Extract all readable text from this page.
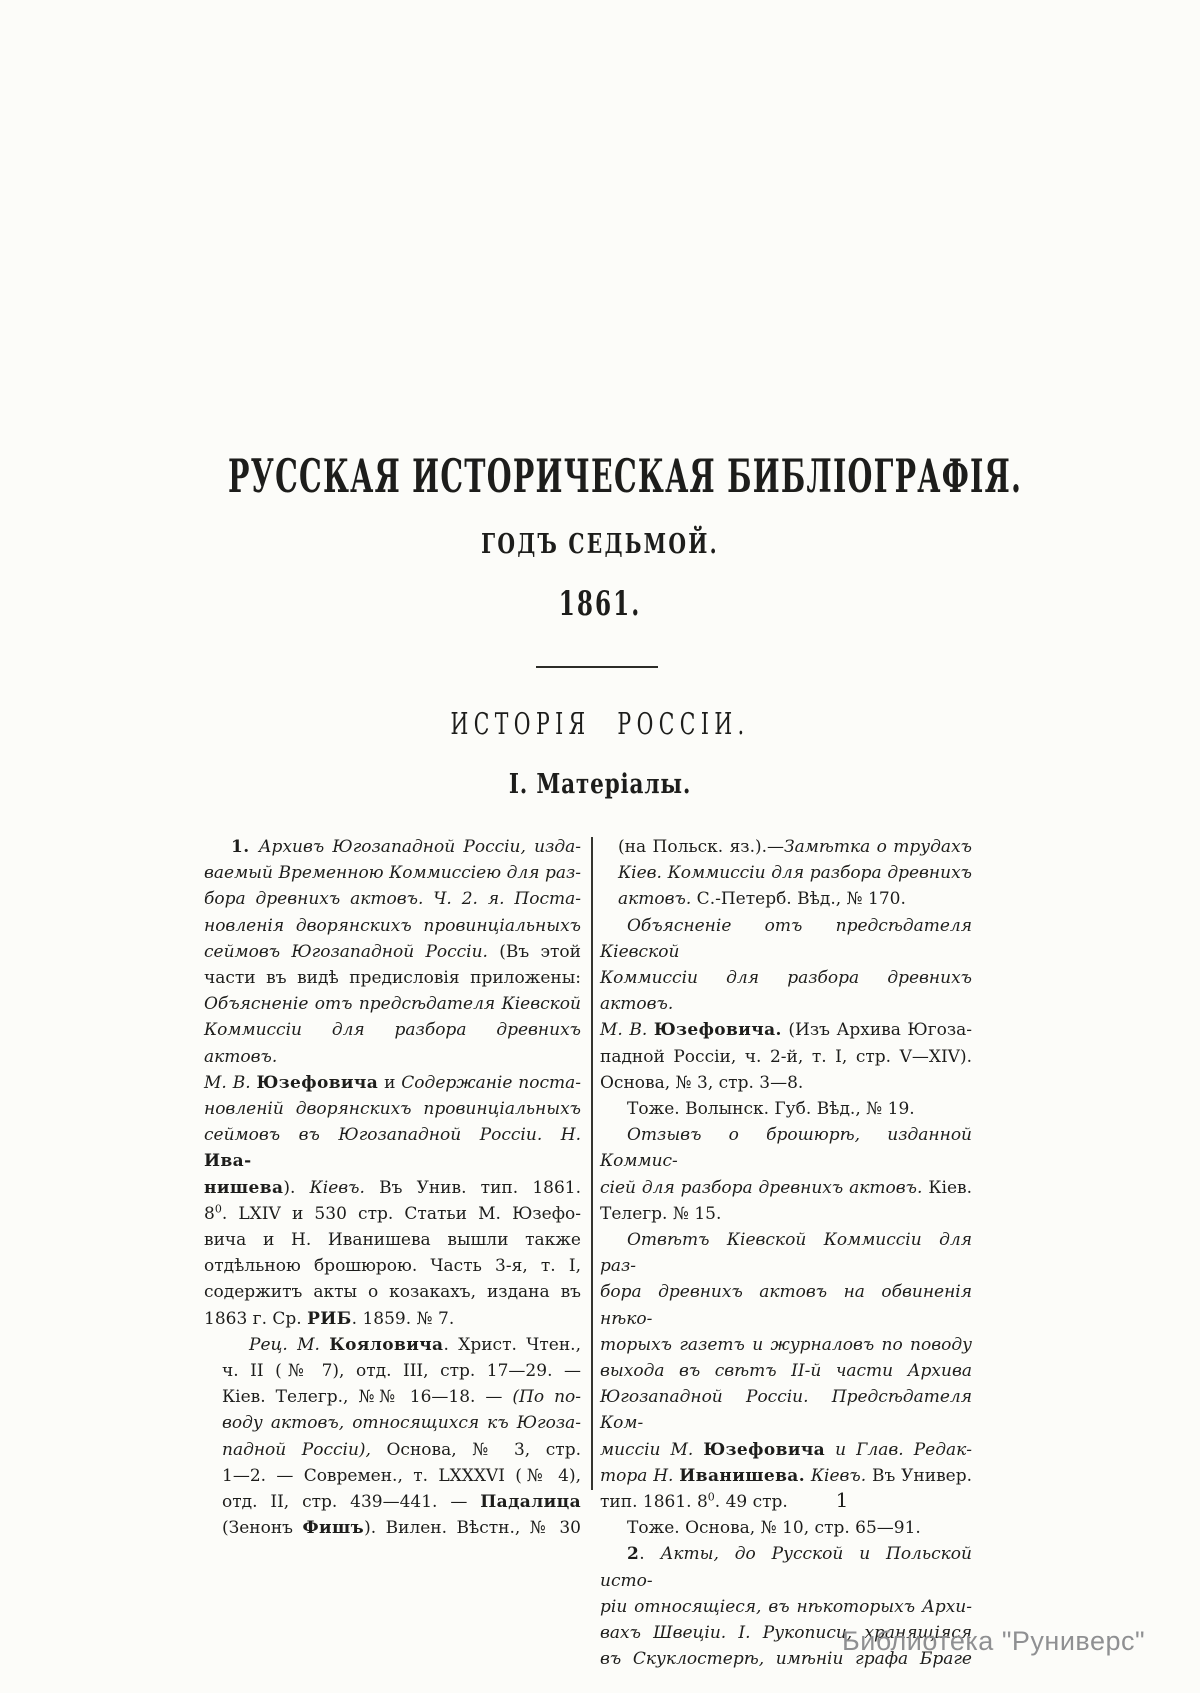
РУССКАЯ ИСТОРИЧЕСКАЯ БИБЛІОГРАФІЯ.
ГОДЪ СЕДЬМОЙ.
1861.
ИСТОРІЯ РОССІИ.
I. Матеріалы.
1. Архивъ Югозападной Россіи, изда-
ваемый Временною Коммиссіею для раз-
бора древнихъ актовъ. Ч. 2. я. Поста-
новленія дворянскихъ провинціальныхъ
сеймовъ Югозападной Россіи. (Въ этой
части въ видѣ предисловія приложены:
Объясненіе отъ предсѣдателя Кіевской
Коммиссіи для разбора древнихъ актовъ.
М. В. Юзефовича и Содержаніе поста-
новленій дворянскихъ провинціальныхъ
сеймовъ въ Югозападной Россіи. Н. Ива-
нишева). Кіевъ. Въ Унив. тип. 1861.
$8^0$. LXIV и 530 стр. Статьи М. Юзефо-
вича и Н. Иванишева вышли также
отдѣльною брошюрою. Часть 3-я, т. I,
содержитъ акты о козакахъ, издана въ
1863 г. Ср. РИБ. 1859. № 7.
Рец. М. Кояловича. Христ. Чтен.,
ч. II (№ 7), отд. III, стр. 17—29. —
Кіев. Телегр., №№ 16—18. — (По по-
воду актовъ, относящихся къ Югоза-
падной Россіи), Основа, № 3, стр.
1—2. — Современ., т. LXXXVI (№ 4),
отд. II, стр. 439—441. — Падалица
(Зенонъ Фишъ). Вилен. Вѣстн., № 30
(на Польск. яз.).—Замѣтка о трудахъ
Кіев. Коммиссіи для разбора древнихъ
актовъ. С.-Петерб. Вѣд., № 170.
Объясненіе отъ предсѣдателя Кіевской
Коммиссіи для разбора древнихъ актовъ.
М. В. Юзефовича. (Изъ Архива Югоза-
падной Россіи, ч. 2-й, т. I, стр. V—XIV).
Основа, № 3, стр. 3—8.
Тоже. Волынск. Губ. Вѣд., № 19.
Отзывъ о брошюрѣ, изданной Коммис-
сіей для разбора древнихъ актовъ. Кіев.
Телегр. № 15.
Отвѣтъ Кіевской Коммиссіи для раз-
бора древнихъ актовъ на обвиненія нѣко-
торыхъ газетъ и журналовъ по поводу
выхода въ свѣтъ II-й части Архива
Югозападной Россіи. Предсѣдателя Ком-
миссіи М. Юзефовича и Глав. Редак-
тора Н. Иванишева. Кіевъ. Въ Универ.
тип. 1861. $8^0$. 49 стр.
Тоже. Основа, № 10, стр. 65—91.
2. Акты, до Русской и Польской исто-
ріи относящіеся, въ нѣкоторыхъ Архи-
вахъ Швеціи. I. Рукописи, хранящіяся
въ Скуклостерѣ, имѣніи графа Браге
1
Библиотека "Руниверс"
